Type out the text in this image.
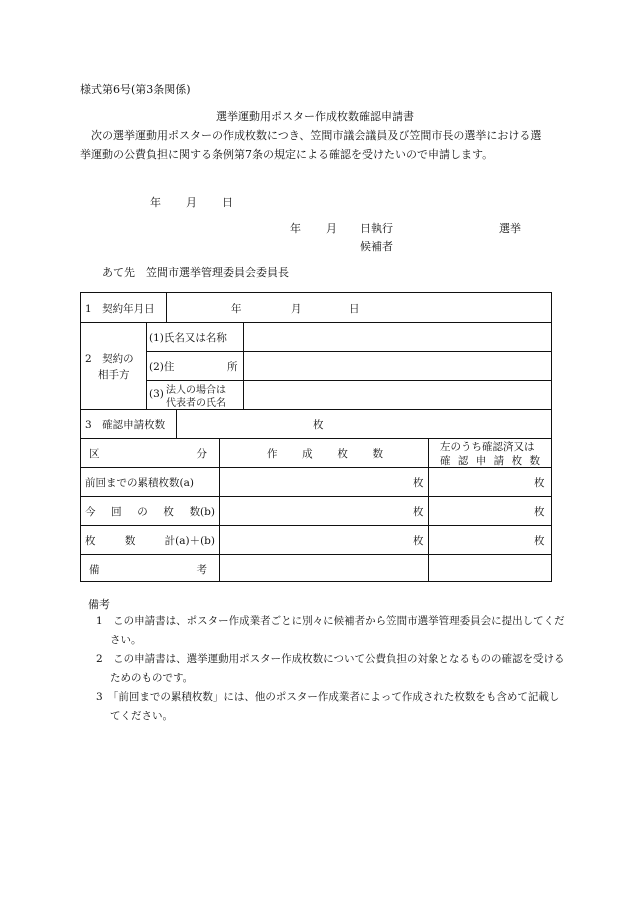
様式第6号(第3条関係)
選挙運動用ポスター作成枚数確認申請書
次の選挙運動用ポスターの作成枚数につき、笠間市議会議員及び笠間市長の選挙における選挙運動の公費負担に関する条例第7条の規定による確認を受けたいので申請します。
年 月 日
年 月 日執行	選挙
候補者
あて先　笠間市選挙管理委員会委員長
1　契約年月日	年	月	日
2　契約の
相手方
(1)氏名又は名称
(2)住	所
(3) 法人の場合は
代表者の氏名
3　確認申請枚数	枚
区	分	作 成 枚 数
左のうち確認済又は
確 認 申 請 枚 数
前回までの累積枚数(a)	枚	枚
今 回 の 枚 数(b)	枚	枚
枚	数	計(a)＋(b)	枚	枚
備	考
備考
1　この申請書は、ポスター作成業者ごとに別々に候補者から笠間市選挙管理委員会に提出してください。
2　この申請書は、選挙運動用ポスター作成枚数について公費負担の対象となるものの確認を受けるためのものです。
3　「前回までの累積枚数」には、他のポスター作成業者によって作成された枚数をも含めて記載してください。
